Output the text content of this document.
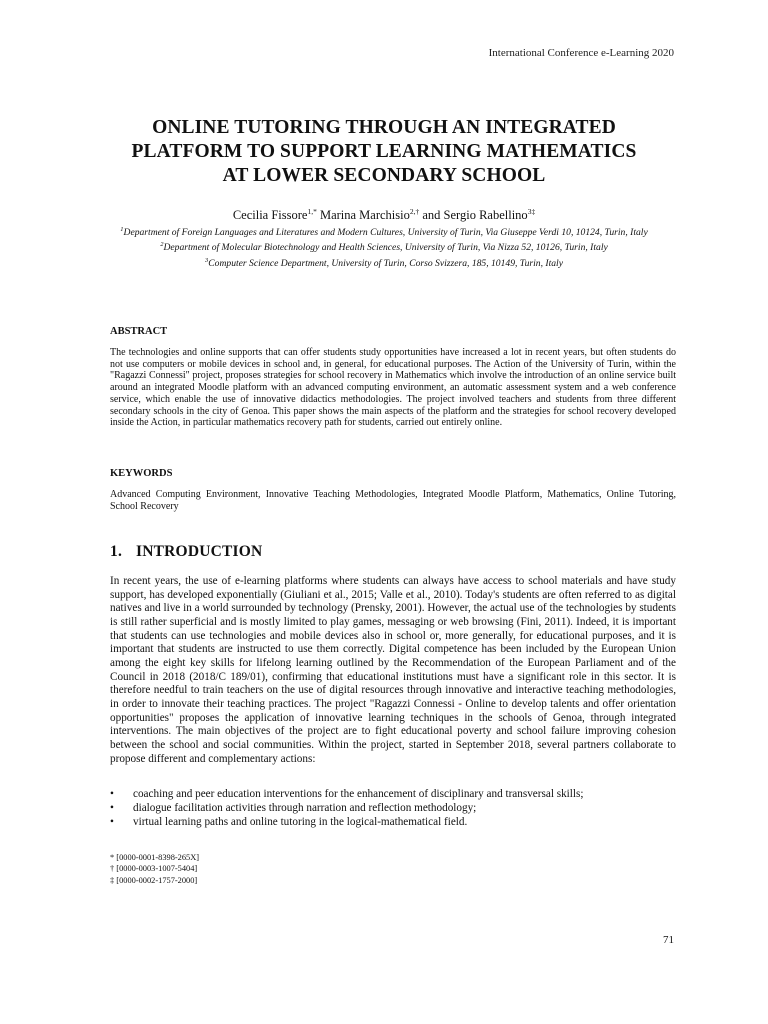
International Conference e-Learning 2020
ONLINE TUTORING THROUGH AN INTEGRATED
PLATFORM TO SUPPORT LEARNING MATHEMATICS
AT LOWER SECONDARY SCHOOL
Cecilia Fissore$^{1,*}$ Marina Marchisio$^{2,\dagger}$ and Sergio Rabellino$^{3\ddagger}$

$^1$Department of Foreign Languages and Literatures and Modern Cultures, University of Turin, Via Giuseppe Verdi 10, 10124, Turin, Italy

$^2$Department of Molecular Biotechnology and Health Sciences, University of Turin, Via Nizza 52, 10126, Turin, Italy

$^3$Computer Science Department, University of Turin, Corso Svizzera, 185, 10149, Turin, Italy

ABSTRACT

The technologies and online supports that can offer students study opportunities have increased a lot in recent years, but often students do not use computers or mobile devices in school and, in general, for educational purposes. The Action of the University of Turin, within the "Ragazzi Connessi" project, proposes strategies for school recovery in Mathematics which involve the introduction of an online service built around an integrated Moodle platform with an advanced computing environment, an automatic assessment system and a web conference service, which enable the use of innovative didactics methodologies. The project involved teachers and students from three different secondary schools in the city of Genoa. This paper shows the main aspects of the platform and the strategies for school recovery developed inside the Action, in particular mathematics recovery path for students, carried out entirely online.

KEYWORDS

Advanced Computing Environment, Innovative Teaching Methodologies, Integrated Moodle Platform, Mathematics, Online Tutoring, School Recovery

1. INTRODUCTION

In recent years, the use of e-learning platforms where students can always have access to school materials and have study support, has developed exponentially (Giuliani et al., 2015; Valle et al., 2010). Today's students are often referred to as digital natives and live in a world surrounded by technology (Prensky, 2001). However, the actual use of the technologies by students is still rather superficial and is mostly limited to play games, messaging or web browsing (Fini, 2011). Indeed, it is important that students can use technologies and mobile devices also in school or, more generally, for educational purposes, and it is important that students are instructed to use them correctly. Digital competence has been included by the European Union among the eight key skills for lifelong learning outlined by the Recommendation of the European Parliament and of the Council in 2018 (2018/C 189/01), confirming that educational institutions must have a significant role in this sector. It is therefore needful to train teachers on the use of digital resources through innovative and interactive teaching methodologies, in order to innovate their teaching practices. The project "Ragazzi Connessi - Online to develop talents and offer orientation opportunities" proposes the application of innovative learning techniques in the schools of Genoa, through integrated interventions. The main objectives of the project are to fight educational poverty and school failure improving cohesion between the school and social communities. Within the project, started in September 2018, several partners collaborate to propose different and complementary actions:

• coaching and peer education interventions for the enhancement of disciplinary and transversal skills;
• dialogue facilitation activities through narration and reflection methodology;
• virtual learning paths and online tutoring in the logical-mathematical field.

* [0000-0001-8398-265X]

† [0000-0003-1007-5404]

‡ [0000-0002-1757-2000]

71
